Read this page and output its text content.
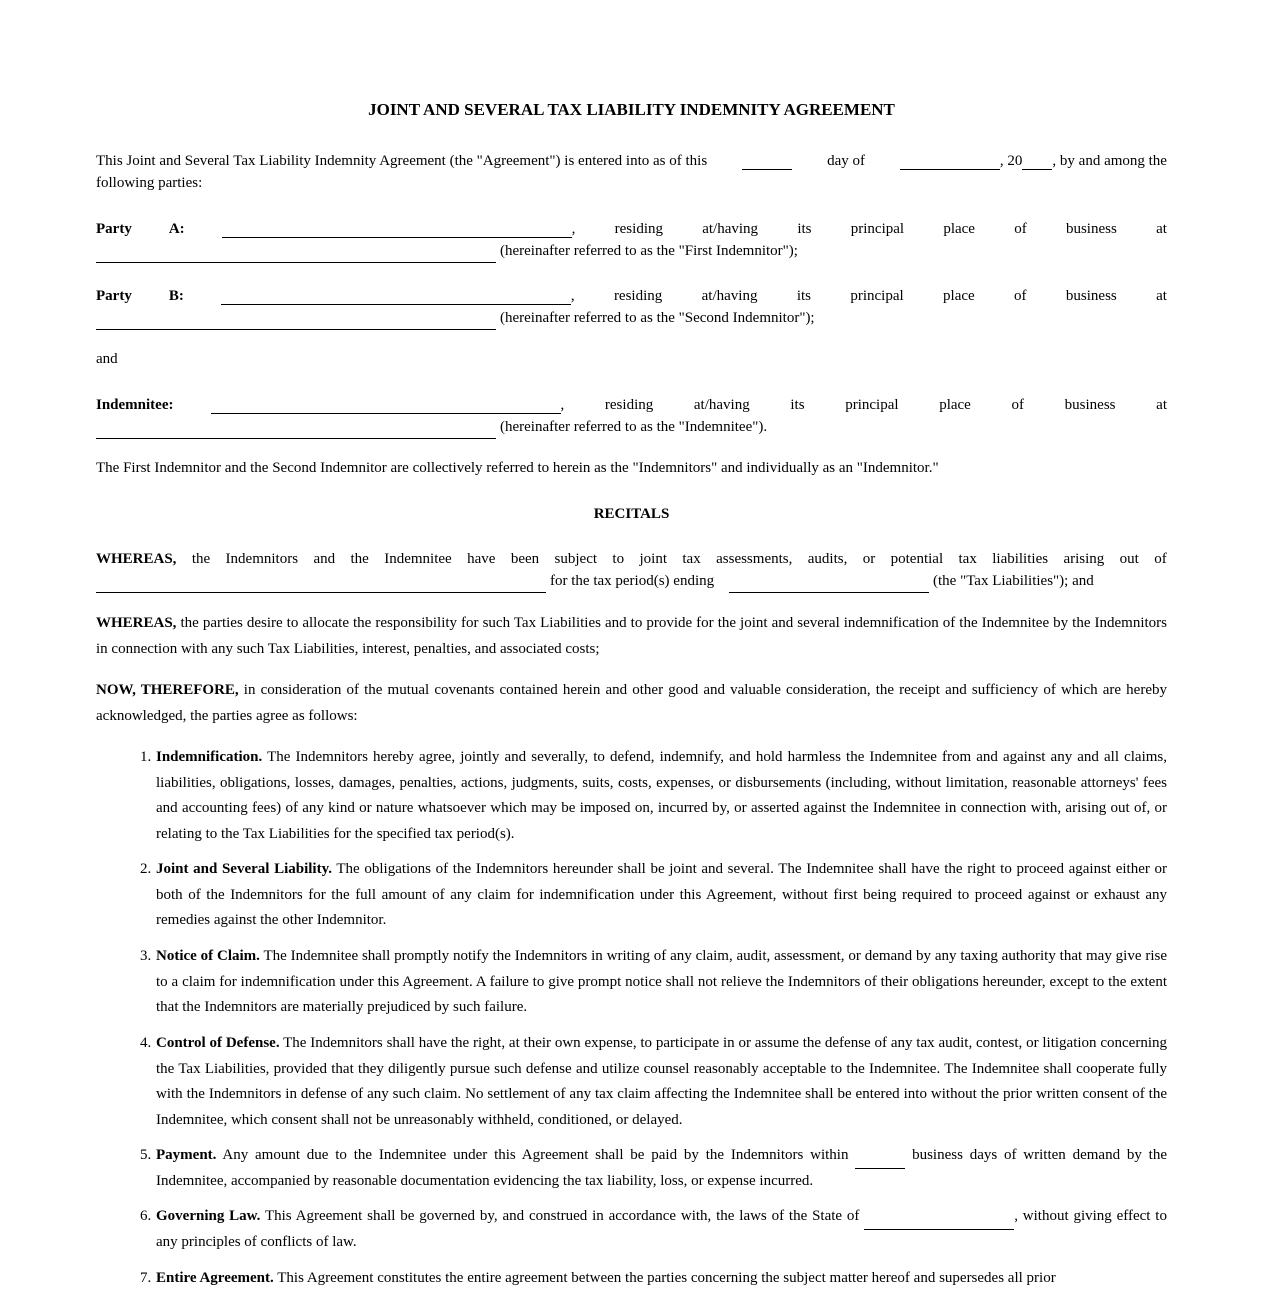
JOINT AND SEVERAL TAX LIABILITY INDEMNITY AGREEMENT
This Joint and Several Tax Liability Indemnity Agreement (the "Agreement") is entered into as of this	day of	, 20 , by and among the
following parties:
Party A:	,	residing	at/having	its	principal	place	of	business	at
(hereinafter referred to as the "First Indemnitor");
Party B:	,	residing	at/having	its	principal	place	of	business	at
(hereinafter referred to as the "Second Indemnitor");
and
Indemnitee:	,	residing	at/having	its	principal	place	of	business	at
(hereinafter referred to as the "Indemnitee").
The First Indemnitor and the Second Indemnitor are collectively referred to herein as the "Indemnitors" and individually as an "Indemnitor."
RECITALS
WHEREAS, the Indemnitors and the Indemnitee have been subject to joint tax assessments, audits, or potential tax liabilities arising out of
for the tax period(s) ending	(the "Tax Liabilities"); and
WHEREAS, the parties desire to allocate the responsibility for such Tax Liabilities and to provide for the joint and several indemnification of the Indemnitee by the Indemnitors in connection with any such Tax Liabilities, interest, penalties, and associated costs;
NOW, THEREFORE, in consideration of the mutual covenants contained herein and other good and valuable consideration, the receipt and sufficiency of which are hereby acknowledged, the parties agree as follows:
1. Indemnification. The Indemnitors hereby agree, jointly and severally, to defend, indemnify, and hold harmless the Indemnitee from and against any and all claims, liabilities, obligations, losses, damages, penalties, actions, judgments, suits, costs, expenses, or disbursements (including, without limitation, reasonable attorneys' fees and accounting fees) of any kind or nature whatsoever which may be imposed on, incurred by, or asserted against the Indemnitee in connection with, arising out of, or relating to the Tax Liabilities for the specified tax period(s).
2. Joint and Several Liability. The obligations of the Indemnitors hereunder shall be joint and several. The Indemnitee shall have the right to proceed against either or both of the Indemnitors for the full amount of any claim for indemnification under this Agreement, without first being required to proceed against or exhaust any remedies against the other Indemnitor.
3. Notice of Claim. The Indemnitee shall promptly notify the Indemnitors in writing of any claim, audit, assessment, or demand by any taxing authority that may give rise to a claim for indemnification under this Agreement. A failure to give prompt notice shall not relieve the Indemnitors of their obligations hereunder, except to the extent that the Indemnitors are materially prejudiced by such failure.
4. Control of Defense. The Indemnitors shall have the right, at their own expense, to participate in or assume the defense of any tax audit, contest, or litigation concerning the Tax Liabilities, provided that they diligently pursue such defense and utilize counsel reasonably acceptable to the Indemnitee. The Indemnitee shall cooperate fully with the Indemnitors in defense of any such claim. No settlement of any tax claim affecting the Indemnitee shall be entered into without the prior written consent of the Indemnitee, which consent shall not be unreasonably withheld, conditioned, or delayed.
5. Payment. Any amount due to the Indemnitee under this Agreement shall be paid by the Indemnitors within	business days of written demand by the Indemnitee, accompanied by reasonable documentation evidencing the tax liability, loss, or expense incurred.
6. Governing Law. This Agreement shall be governed by, and construed in accordance with, the laws of the State of	, without giving effect to any principles of conflicts of law.
7. Entire Agreement. This Agreement constitutes the entire agreement between the parties concerning the subject matter hereof and supersedes all prior
